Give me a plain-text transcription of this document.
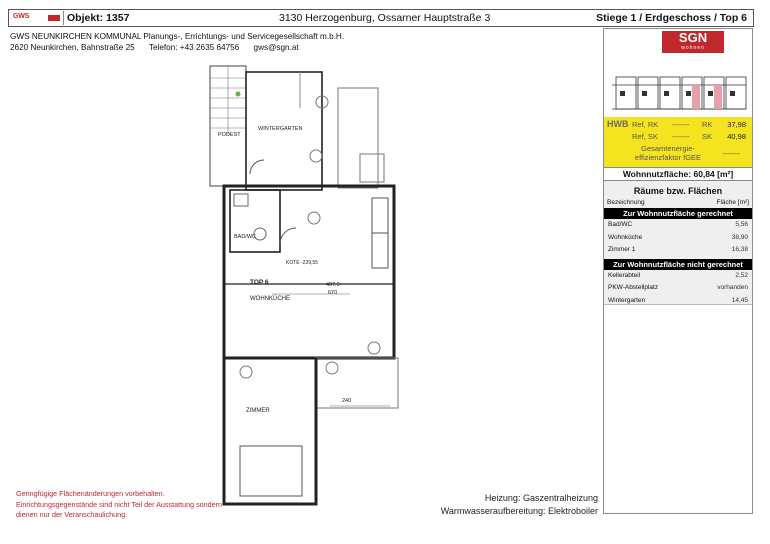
GWS	Objekt: 1357	3130 Herzogenburg, Ossarner Hauptstraße 3	Stiege 1 / Erdgeschoss / Top 6
GWS NEUNKIRCHEN KOMMUNAL Planungs-, Errichtungs- und Servicegesellschaft m.b.H.
2620 Neunkirchen, Bahnstraße 25 Telefon: +43 2635 64756 gws@sgn.at
PODEST
WINTERGARTEN
BAD/WC
KOTE -229,55
TOP 6
WOHNKÜCHE
670
407,5
240
ZIMMER
SGN
wohnen
HWB Ref, RK ------- RK 37,98
Ref, SK ------- SK 40,98
Gesamtenergie-effizienzfaktor fGEE	-------
Wohnnutzfläche: 60,84 [m²]
Räume bzw. Flächen
Bezeichnung	Fläche [m²]
Zur Wohnnutzfläche gerechnet
Bad/WC	5,56
Wohnküche	38,90
Zimmer 1	16,38
Zur Wohnnutzfläche nicht gerechnet
Kellerabteil	2,52
PKW-Abstellplatz	vorhanden
Wintergarten	14,45
Geringfügige Flächenänderungen vorbehalten.
Einrichtungsgegenstände sind nicht Teil der Ausstattung sondern
dienen nur der Veranschaulichung.
Heizung: Gaszentralheizung
Warmwasseraufbereitung: Elektroboiler
